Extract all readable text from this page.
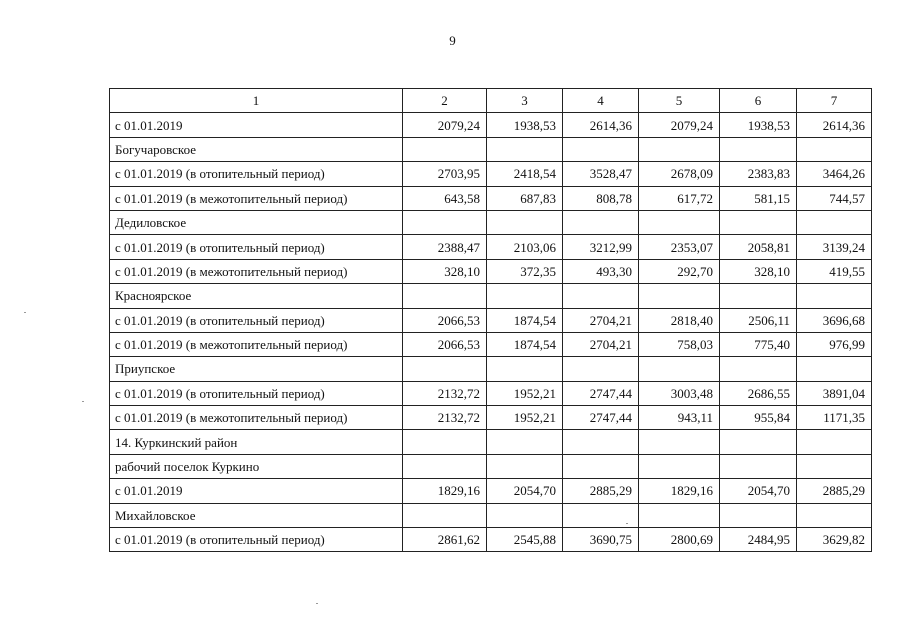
9
1	2	3	4	5	6	7
с 01.01.2019	2079,24	1938,53	2614,36	2079,24	1938,53	2614,36
Богучаровское						
с 01.01.2019 (в отопительный период)	2703,95	2418,54	3528,47	2678,09	2383,83	3464,26
с 01.01.2019 (в межотопительный период)	643,58	687,83	808,78	617,72	581,15	744,57
Дедиловское						
с 01.01.2019 (в отопительный период)	2388,47	2103,06	3212,99	2353,07	2058,81	3139,24
с 01.01.2019 (в межотопительный период)	328,10	372,35	493,30	292,70	328,10	419,55
Красноярское						
с 01.01.2019 (в отопительный период)	2066,53	1874,54	2704,21	2818,40	2506,11	3696,68
с 01.01.2019 (в межотопительный период)	2066,53	1874,54	2704,21	758,03	775,40	976,99
Приупское						
с 01.01.2019 (в отопительный период)	2132,72	1952,21	2747,44	3003,48	2686,55	3891,04
с 01.01.2019 (в межотопительный период)	2132,72	1952,21	2747,44	943,11	955,84	1171,35
14. Куркинский район						
рабочий поселок Куркино						
с 01.01.2019	1829,16	2054,70	2885,29	1829,16	2054,70	2885,29
Михайловское						
с 01.01.2019 (в отопительный период)	2861,62	2545,88	3690,75	2800,69	2484,95	3629,82
